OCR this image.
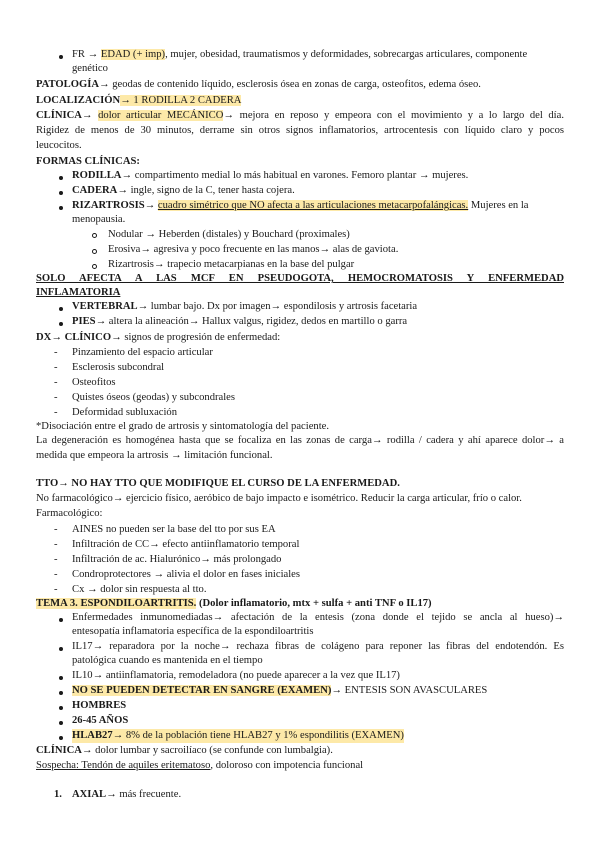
FR → EDAD (+ imp), mujer, obesidad, traumatismos y deformidades, sobrecargas articulares, componente
genético
PATOLOGÍA→ geodas de contenido líquido, esclerosis ósea en zonas de carga, osteofitos, edema óseo.
LOCALIZACIÓN→ 1 RODILLA 2 CADERA
CLÍNICA→ dolor articular MECÁNICO→ mejora en reposo y empeora con el movimiento y a lo largo del día.
Rigidez de menos de 30 minutos, derrame sin otros signos inflamatorios, artrocentesis con líquido claro y pocos
leucocitos.
FORMAS CLÍNICAS:
RODILLA→ compartimento medial lo más habitual en varones. Femoro plantar → mujeres.
CADERA→ ingle, signo de la C, tener hasta cojera.
RIZARTROSIS→ cuadro simétrico que NO afecta a las articulaciones metacarpofalángicas. Mujeres en la
menopausia.
Nodular → Heberden (distales) y Bouchard (proximales)
Erosiva→ agresiva y poco frecuente en las manos→ alas de gaviota.
Rizartrosis→ trapecio metacarpianas en la base del pulgar
SOLO AFECTA A LAS MCF EN PSEUDOGOTA, HEMOCROMATOSIS Y ENFERMEDAD
INFLAMATORIA
VERTEBRAL→ lumbar bajo. Dx por imagen→ espondilosis y artrosis facetaria
PIES→ altera la alineación→ Hallux valgus, rigidez, dedos en martillo o garra
DX→ CLÍNICO→ signos de progresión de enfermedad:
- Pinzamiento del espacio articular
- Esclerosis subcondral
- Osteofitos
- Quistes óseos (geodas) y subcondrales
- Deformidad subluxación
*Disociación entre el grado de artrosis y sintomatología del paciente.
La degeneración es homogénea hasta que se focaliza en las zonas de carga→ rodilla / cadera y ahí aparece dolor→ a
medida que empeora la artrosis → limitación funcional.
TTO→ NO HAY TTO QUE MODIFIQUE EL CURSO DE LA ENFERMEDAD.
No farmacológico→ ejercicio físico, aeróbico de bajo impacto e isométrico. Reducir la carga articular, frío o calor.
Farmacológico:
- AINES no pueden ser la base del tto por sus EA
- Infiltración de CC→ efecto antiinflamatorio temporal
- Infiltración de ac. Hialurónico→ más prolongado
- Condroprotectores → alivia el dolor en fases iniciales
- Cx → dolor sin respuesta al tto.
TEMA 3. ESPONDILOARTRITIS. (Dolor inflamatorio, mtx + sulfa + anti TNF o IL17)
Enfermedades inmunomediadas→ afectación de la entesis (zona donde el tejido se ancla al hueso)→
entesopatía inflamatoria específica de la espondiloartritis
IL17→ reparadora por la noche→ rechaza fibras de colágeno para reponer las fibras del endotendón. Es
patológica cuando es mantenida en el tiempo
IL10→ antiinflamatoria, remodeladora (no puede aparecer a la vez que IL17)
NO SE PUEDEN DETECTAR EN SANGRE (EXAMEN)→ ENTESIS SON AVASCULARES
HOMBRES
26-45 AÑOS
HLAB27→ 8% de la población tiene HLAB27 y 1% espondilitis (EXAMEN)
CLÍNICA→ dolor lumbar y sacroilíaco (se confunde con lumbalgia).
Sospecha: Tendón de aquiles eritematoso, doloroso con impotencia funcional
1. AXIAL→ más frecuente.
